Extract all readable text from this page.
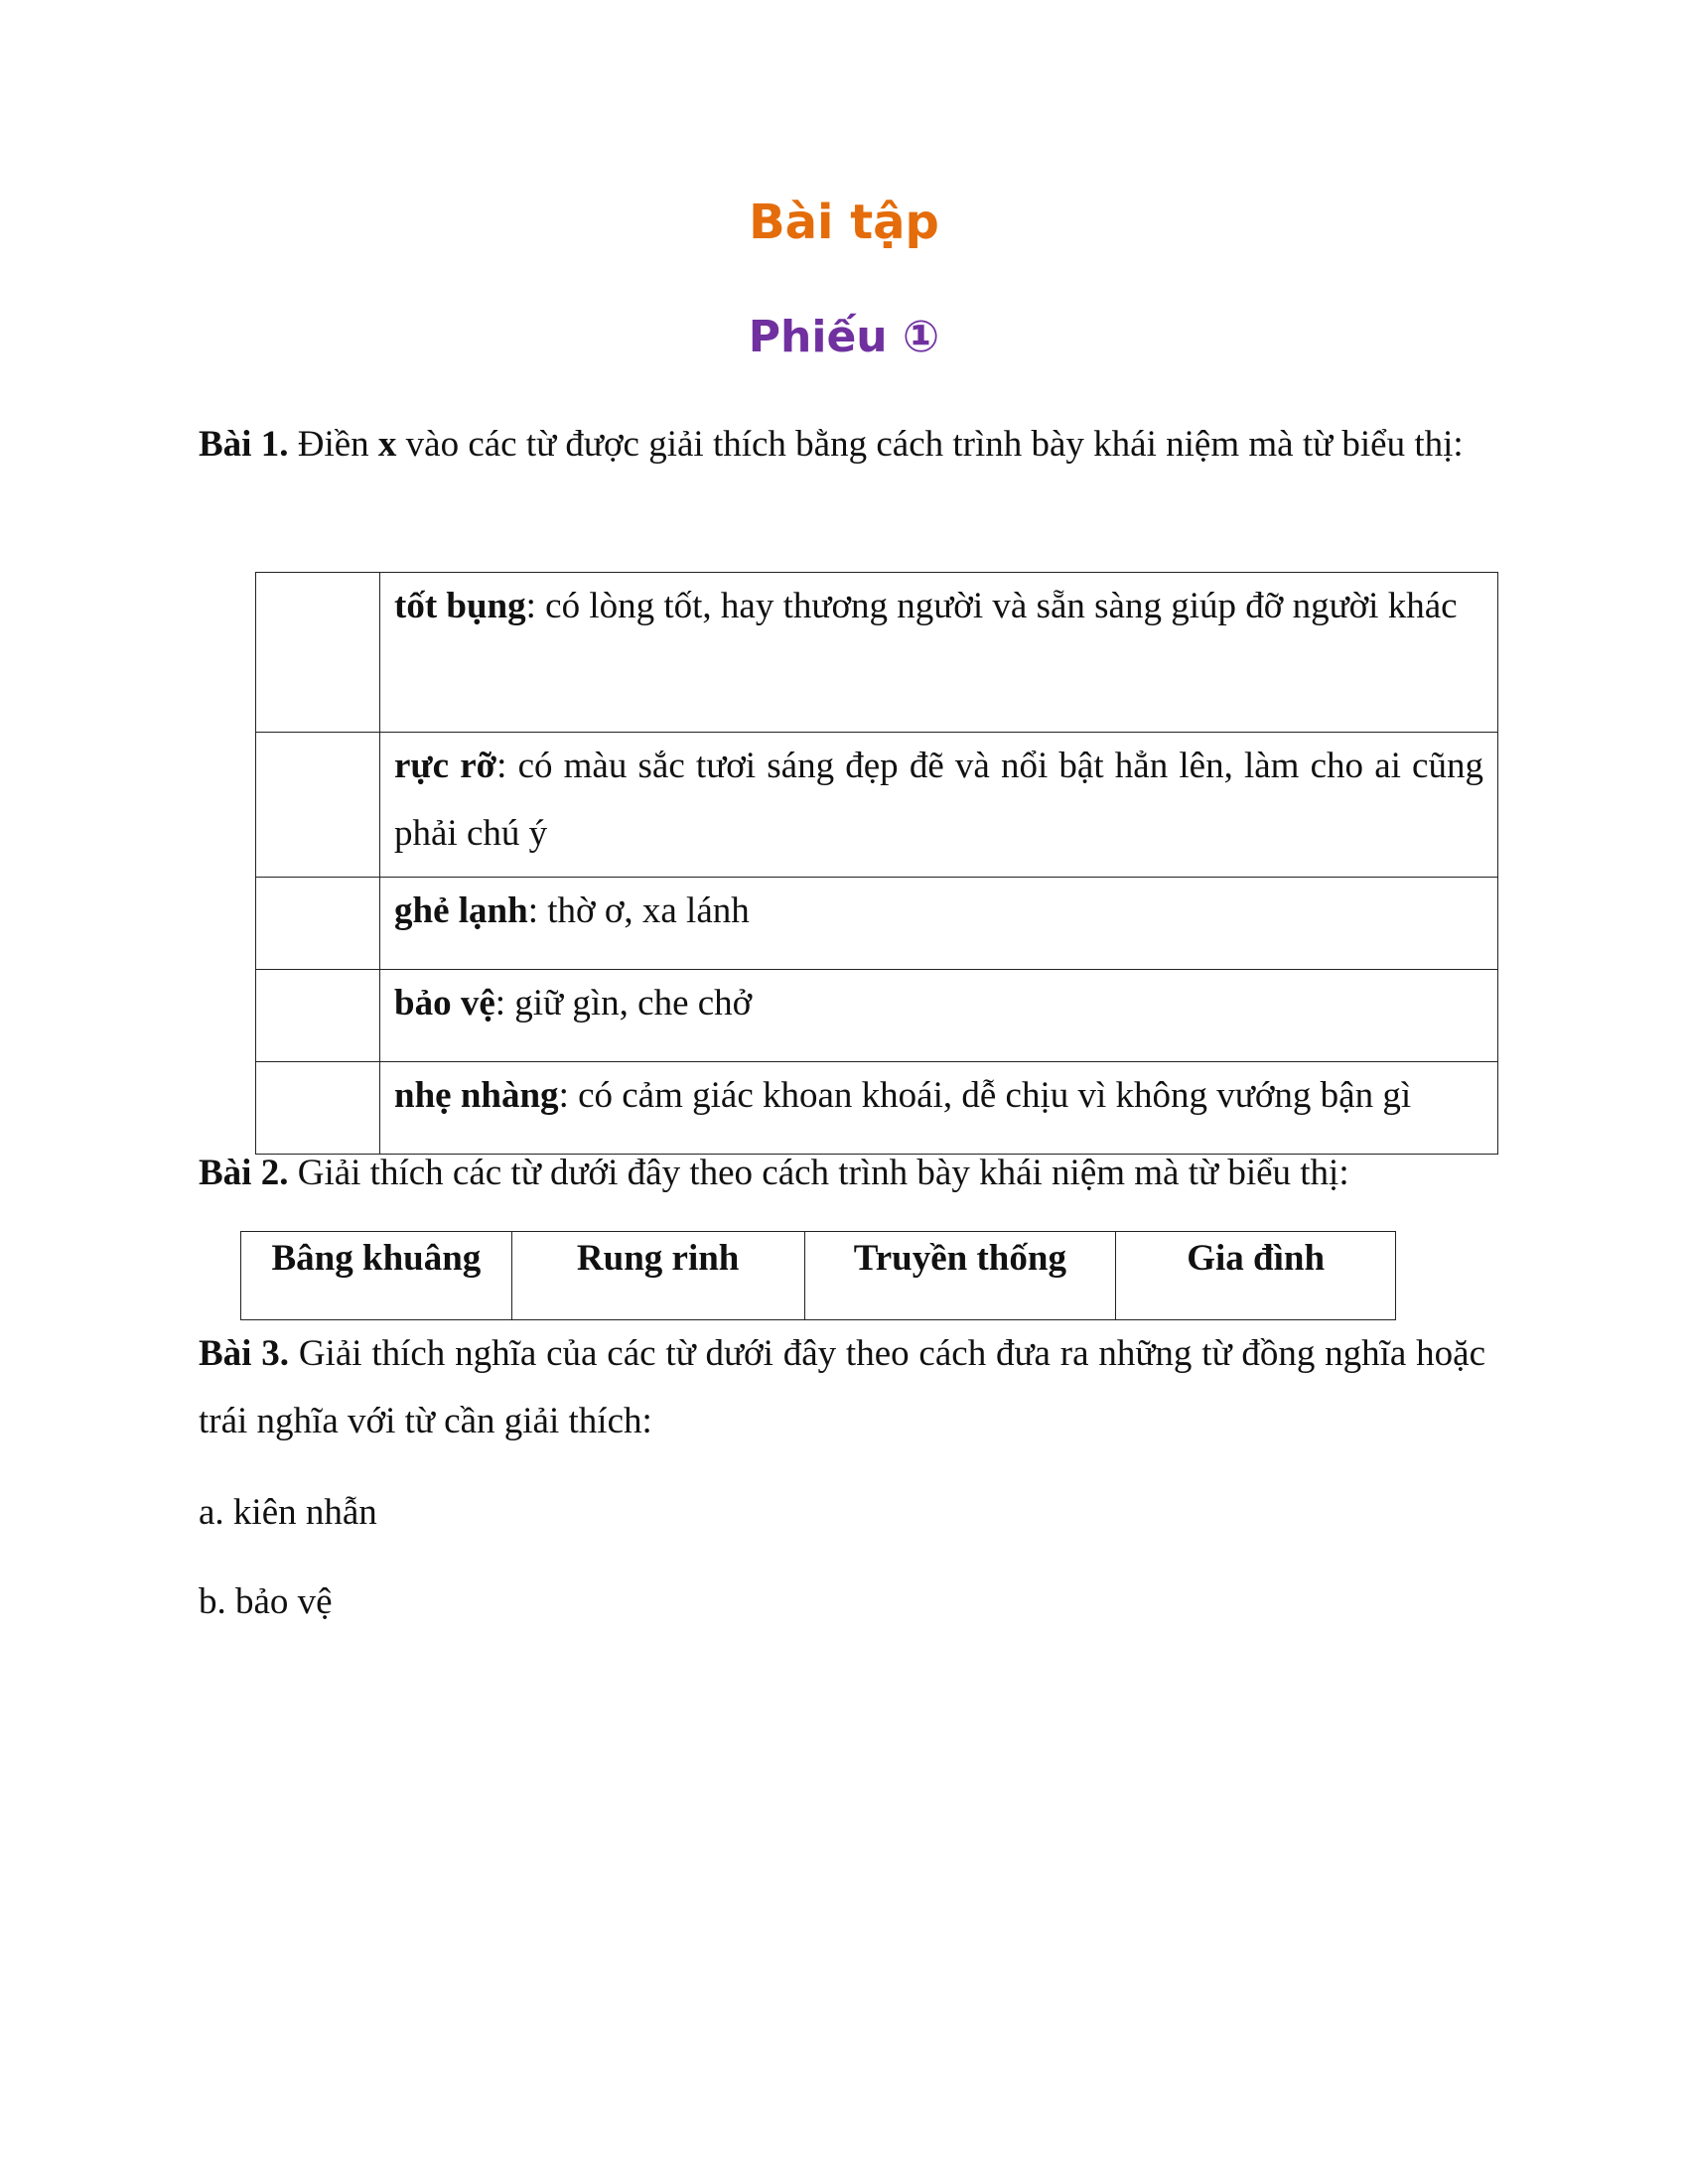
Bài tập
Phiếu ①
Bài 1. Điền x vào các từ được giải thích bằng cách trình bày khái niệm mà từ biểu thị:
	tốt bụng: có lòng tốt, hay thương người và sẵn sàng giúp đỡ người khác
	rực rỡ: có màu sắc tươi sáng đẹp đẽ và nổi bật hẳn lên, làm cho ai cũng phải chú ý
	ghẻ lạnh: thờ ơ, xa lánh
	bảo vệ: giữ gìn, che chở
	nhẹ nhàng: có cảm giác khoan khoái, dễ chịu vì không vướng bận gì
Bài 2. Giải thích các từ dưới đây theo cách trình bày khái niệm mà từ biểu thị:
Bâng khuâng	Rung rinh	Truyền thống	Gia đình
Bài 3. Giải thích nghĩa của các từ dưới đây theo cách đưa ra những từ đồng nghĩa hoặc trái nghĩa với từ cần giải thích:
a. kiên nhẫn
b. bảo vệ
